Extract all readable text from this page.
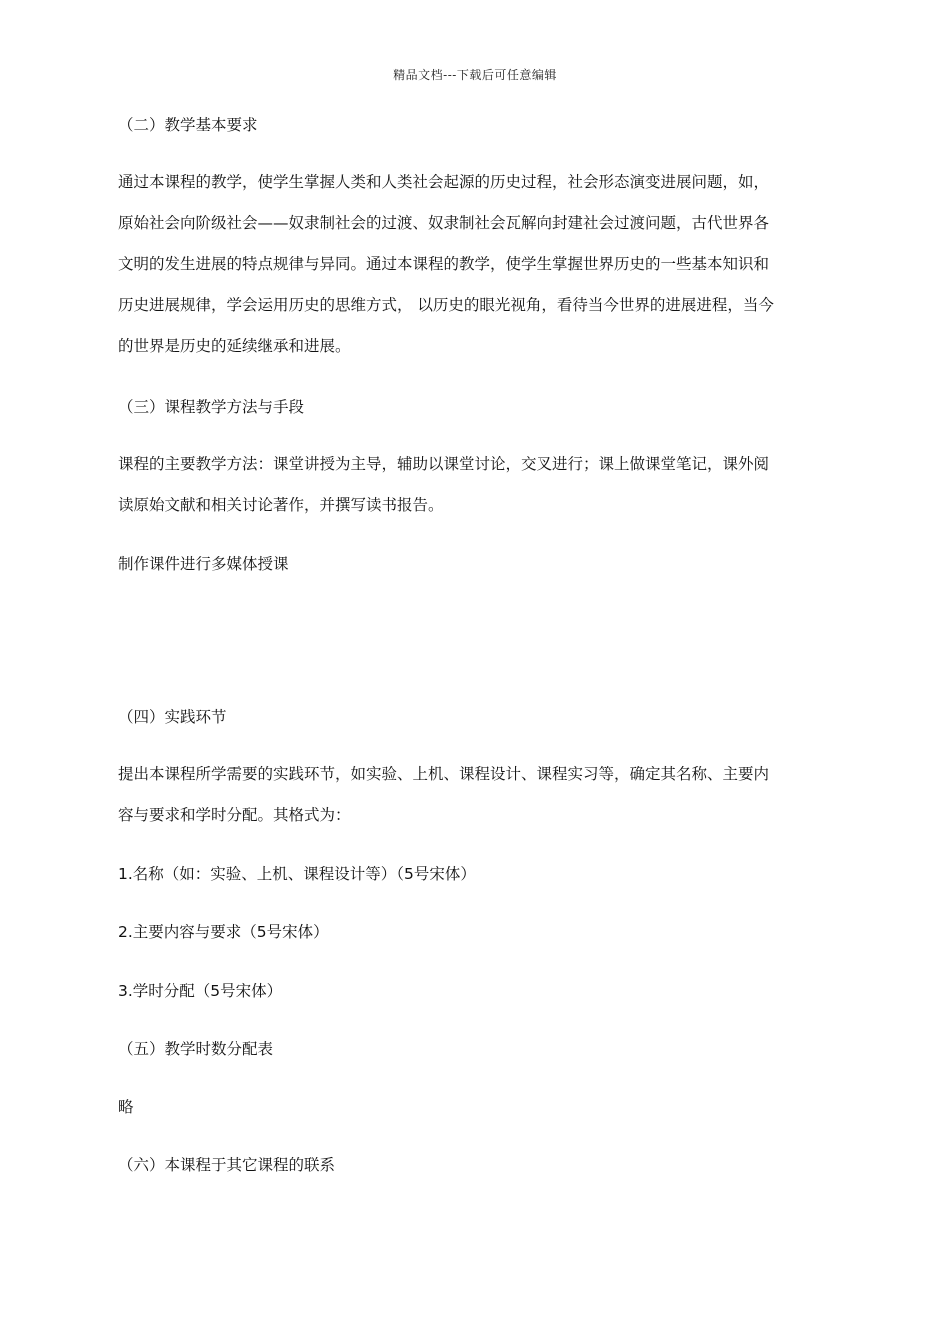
精品文档---下载后可任意编辑
（二）教学基本要求
通过本课程的教学，使学生掌握人类和人类社会起源的历史过程，社会形态演变进展问题，如，
原始社会向阶级社会——奴隶制社会的过渡、奴隶制社会瓦解向封建社会过渡问题，古代世界各
文明的发生进展的特点规律与异同。通过本课程的教学，使学生掌握世界历史的一些基本知识和
历史进展规律，学会运用历史的思维方式， 以历史的眼光视角，看待当今世界的进展进程，当今
的世界是历史的延续继承和进展。
（三）课程教学方法与手段
课程的主要教学方法：课堂讲授为主导，辅助以课堂讨论，交叉进行；课上做课堂笔记，课外阅
读原始文献和相关讨论著作，并撰写读书报告。
制作课件进行多媒体授课
（四）实践环节
提出本课程所学需要的实践环节，如实验、上机、课程设计、课程实习等，确定其名称、主要内
容与要求和学时分配。其格式为：
1.名称（如：实验、上机、课程设计等）（5号宋体）
2.主要内容与要求（5号宋体）
3.学时分配（5号宋体）
（五）教学时数分配表
略
（六）本课程于其它课程的联系
